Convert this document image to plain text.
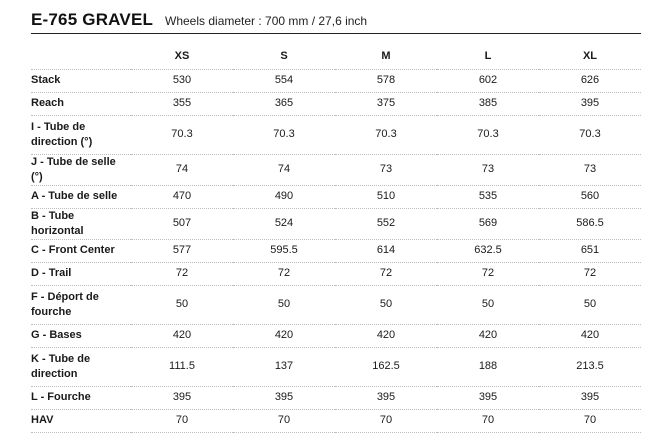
E-765 GRAVEL Wheels diameter : 700 mm / 27,6 inch
	XS	S	M	L	XL
Stack	530	554	578	602	626
Reach	355	365	375	385	395
I - Tube de direction (°)	70.3	70.3	70.3	70.3	70.3
J - Tube de selle (°)	74	74	73	73	73
A - Tube de selle	470	490	510	535	560
B - Tube horizontal	507	524	552	569	586.5
C - Front Center	577	595.5	614	632.5	651
D - Trail	72	72	72	72	72
F - Déport de fourche	50	50	50	50	50
G - Bases	420	420	420	420	420
K - Tube de direction	111.5	137	162.5	188	213.5
L - Fourche	395	395	395	395	395
HAV	70	70	70	70	70
